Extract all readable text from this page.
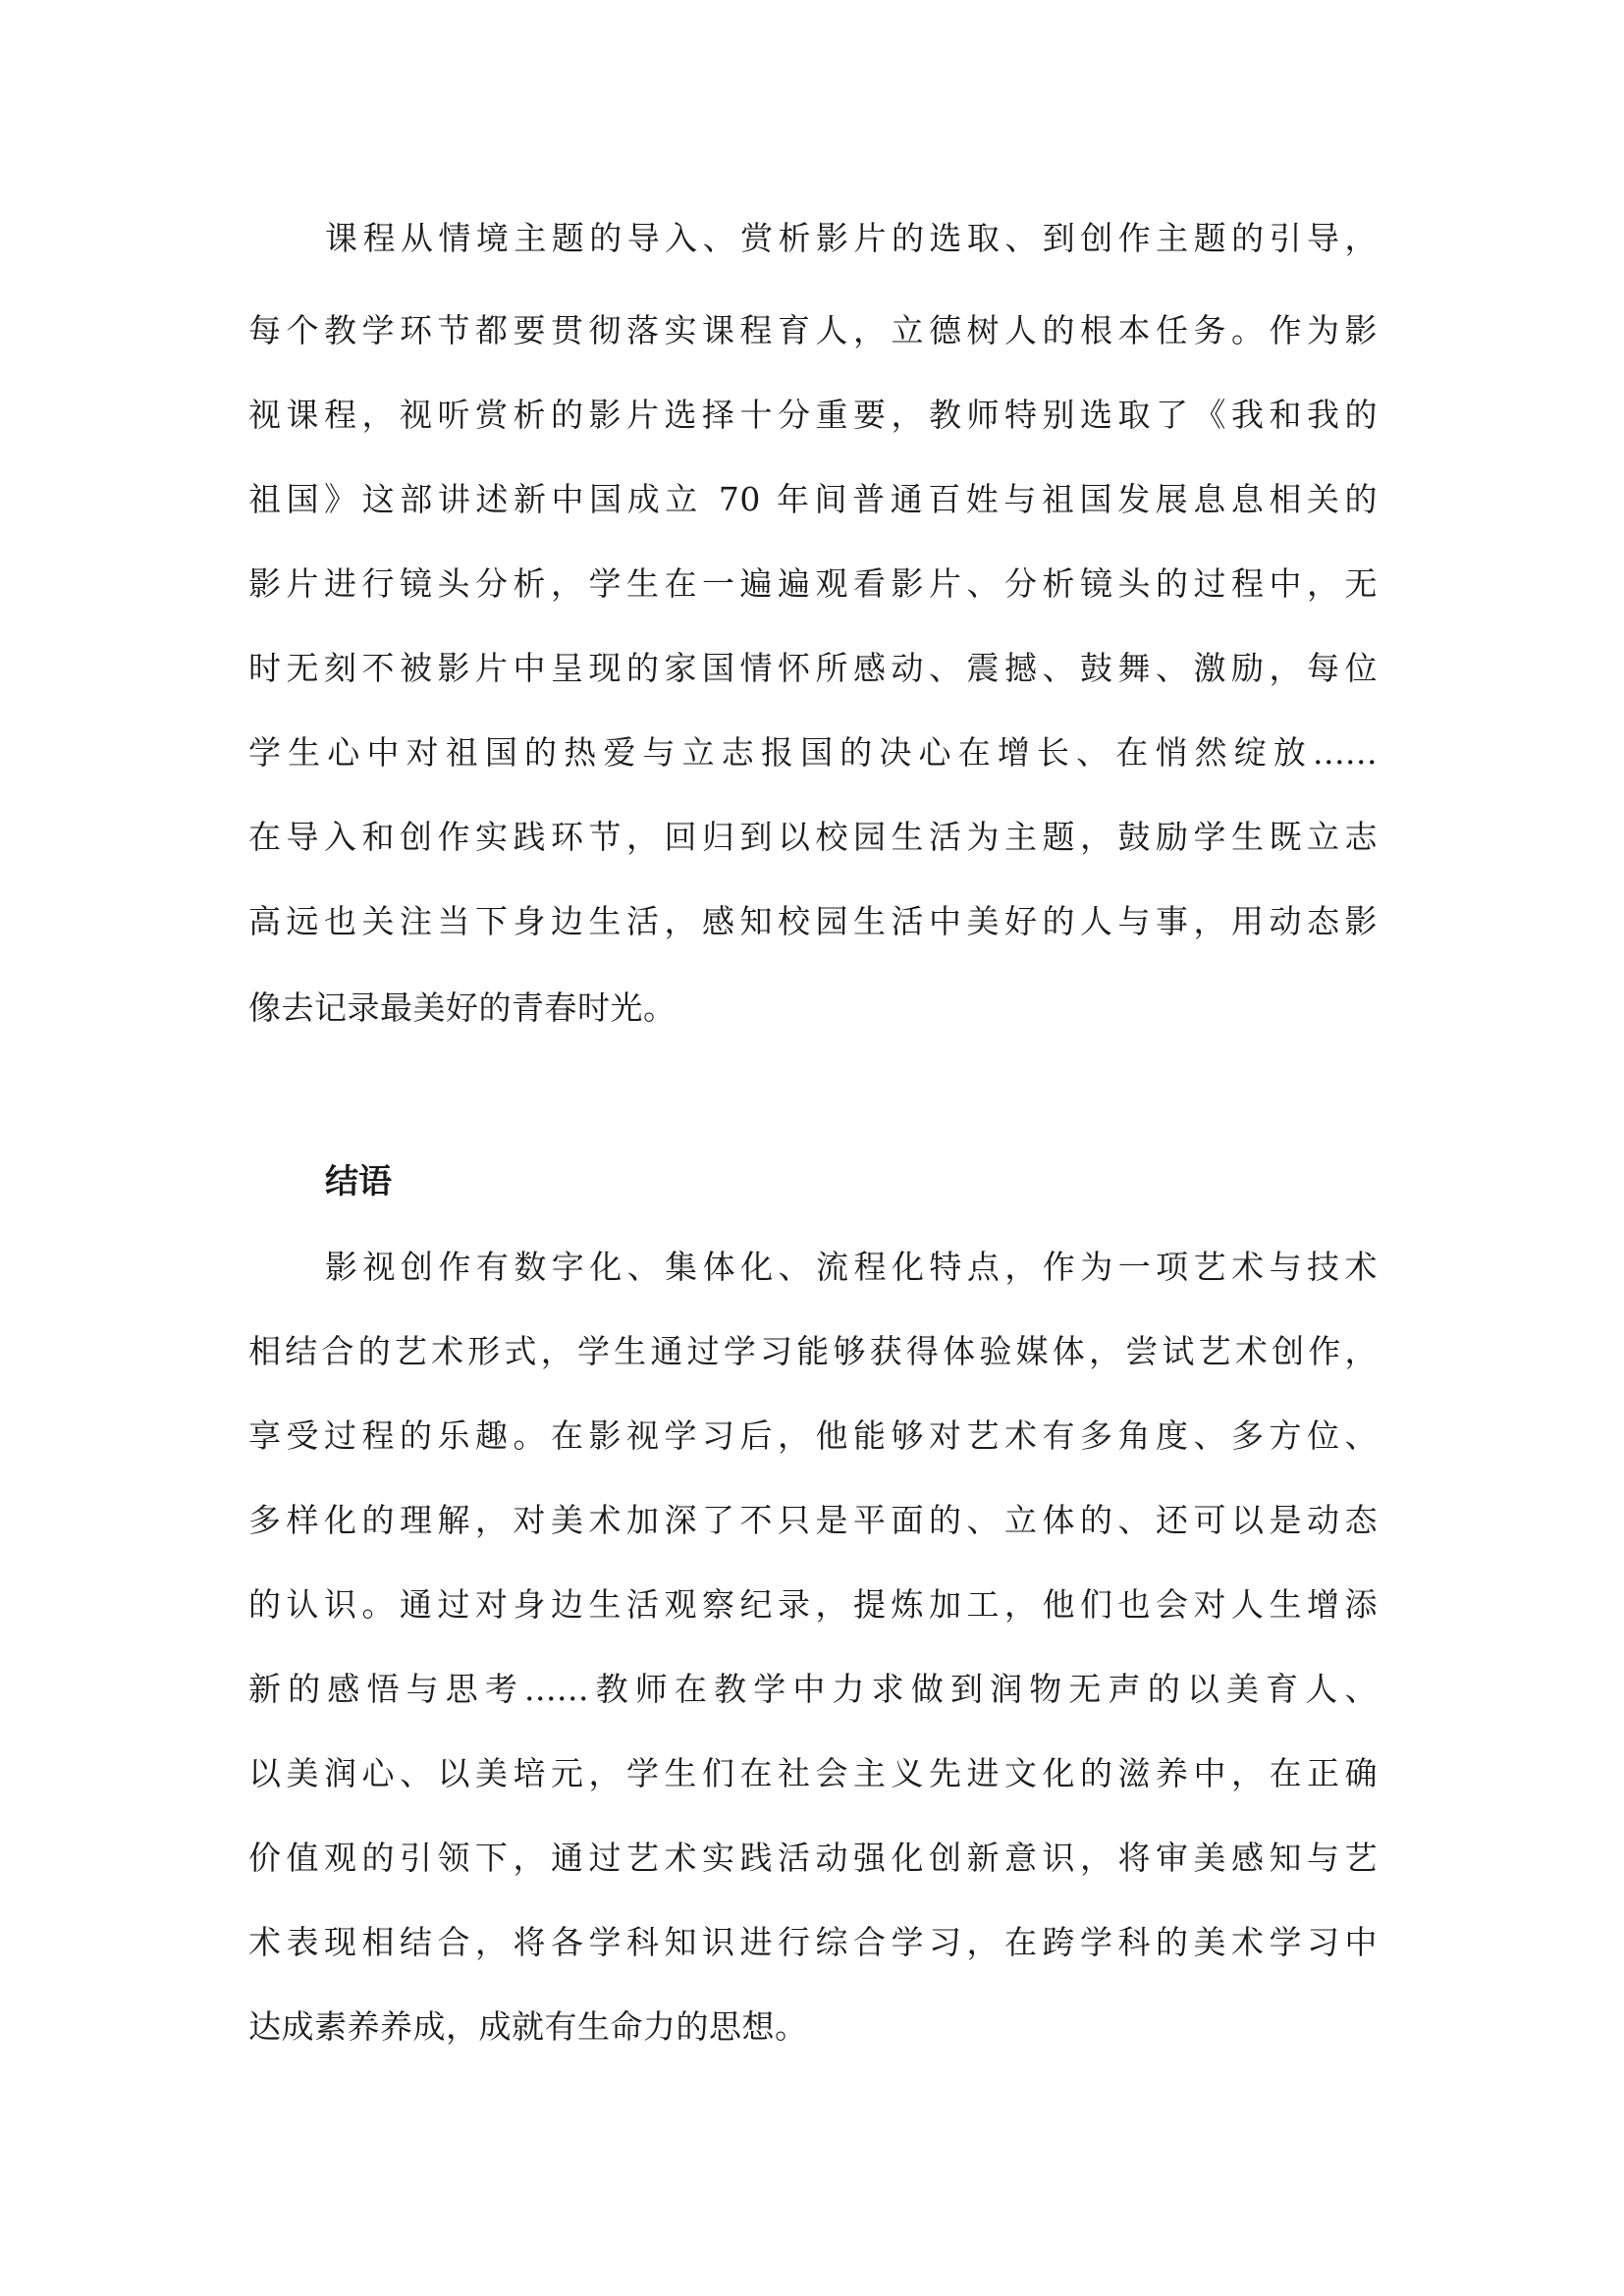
课程从情境主题的导入、赏析影片的选取、到创作主题的引导，
每个教学环节都要贯彻落实课程育人，立德树人的根本任务。作为影
视课程，视听赏析的影片选择十分重要，教师特别选取了《我和我的
祖国》这部讲述新中国成立 70 年间普通百姓与祖国发展息息相关的
影片进行镜头分析，学生在一遍遍观看影片、分析镜头的过程中，无
时无刻不被影片中呈现的家国情怀所感动、震撼、鼓舞、激励，每位
学生心中对祖国的热爱与立志报国的决心在增长、在悄然绽放......
在导入和创作实践环节，回归到以校园生活为主题，鼓励学生既立志
高远也关注当下身边生活，感知校园生活中美好的人与事，用动态影
像去记录最美好的青春时光。
结语
影视创作有数字化、集体化、流程化特点，作为一项艺术与技术
相结合的艺术形式，学生通过学习能够获得体验媒体，尝试艺术创作，
享受过程的乐趣。在影视学习后，他能够对艺术有多角度、多方位、
多样化的理解，对美术加深了不只是平面的、立体的、还可以是动态
的认识。通过对身边生活观察纪录，提炼加工，他们也会对人生增添
新的感悟与思考......教师在教学中力求做到润物无声的以美育人、
以美润心、以美培元，学生们在社会主义先进文化的滋养中，在正确
价值观的引领下，通过艺术实践活动强化创新意识，将审美感知与艺
术表现相结合，将各学科知识进行综合学习，在跨学科的美术学习中
达成素养养成，成就有生命力的思想。
